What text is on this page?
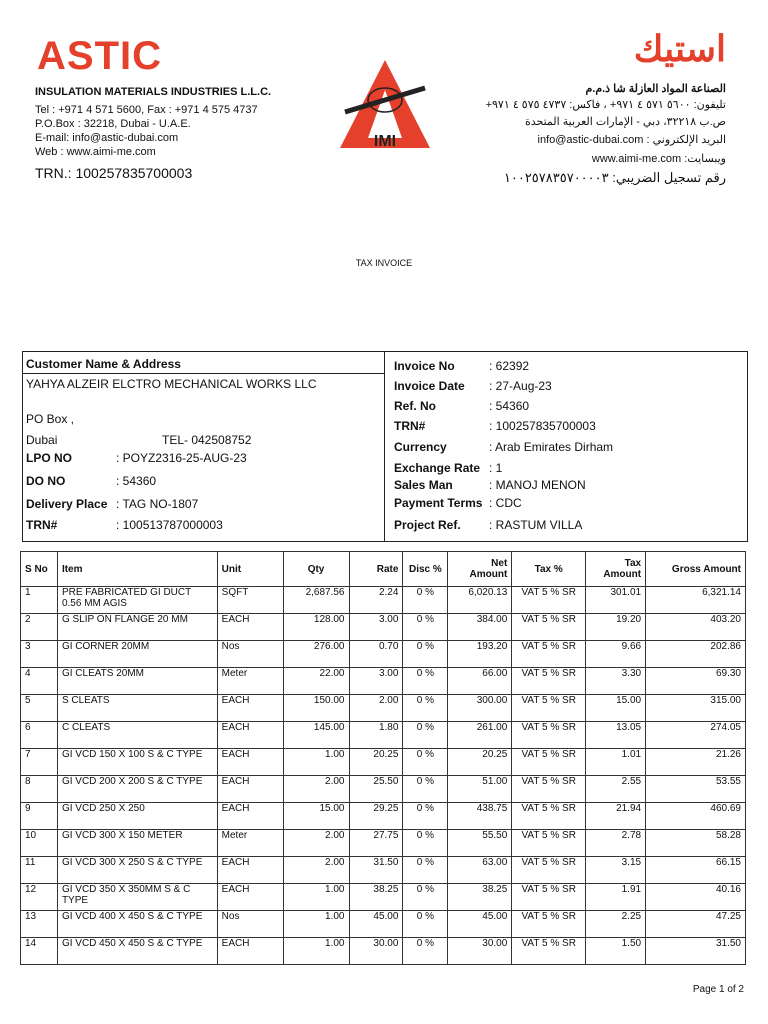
ASTIC
INSULATION MATERIALS INDUSTRIES L.L.C.
Tel : +971 4 571 5600, Fax : +971 4 575 4737
P.O.Box : 32218, Dubai - U.A.E.
E-mail: info@astic-dubai.com
Web : www.aimi-me.com
TRN.: 100257835700003
IMI
استيك
الصناعة المواد العازلة شا ذ.م.م
تليفون: ٥٦٠٠ ٥٧١ ٤ ٩٧١+ ، فاكس: ٤٧٣٧ ٥٧٥ ٤ ٩٧١+
ص.ب ٣٢٢١٨، دبي - الإمارات العربية المتحدة
البريد الإلكتروني : info@astic-dubai.com
ويبسايت: www.aimi-me.com
رقم تسجيل الضريبي: ١٠٠٢٥٧٨٣٥٧٠٠٠٠٣
TAX INVOICE
Customer Name & Address
YAHYA ALZEIR ELCTRO MECHANICAL WORKS LLC
PO Box ,
Dubai	TEL- 042508752
LPO NO	: POYZ2316-25-AUG-23
DO NO	: 54360
Delivery Place : TAG NO-1807
TRN#	: 100513787000003
Invoice No	: 62392
Invoice Date : 27-Aug-23
Ref. No	: 54360
TRN#	: 100257835700003
Currency	: Arab Emirates Dirham
Exchange Rate : 1
Sales Man	: MANOJ MENON
Payment Terms : CDC
Project Ref. : RASTUM VILLA
S No	Item	Unit	Qty	Rate	Disc %	Net Amount	Tax %	Tax Amount	Gross Amount
1	PRE FABRICATED GI DUCT 0.56 MM AGIS	SQFT	2,687.56	2.24	0 %	6,020.13	VAT 5 % SR	301.01	6,321.14
2	G SLIP ON FLANGE 20 MM	EACH	128.00	3.00	0 %	384.00	VAT 5 % SR	19.20	403.20
3	GI CORNER 20MM	Nos	276.00	0.70	0 %	193.20	VAT 5 % SR	9.66	202.86
4	GI CLEATS 20MM	Meter	22.00	3.00	0 %	66.00	VAT 5 % SR	3.30	69.30
5	S CLEATS	EACH	150.00	2.00	0 %	300.00	VAT 5 % SR	15.00	315.00
6	C CLEATS	EACH	145.00	1.80	0 %	261.00	VAT 5 % SR	13.05	274.05
7	GI VCD 150 X 100 S & C TYPE	EACH	1.00	20.25	0 %	20.25	VAT 5 % SR	1.01	21.26
8	GI VCD 200 X 200 S & C TYPE	EACH	2.00	25.50	0 %	51.00	VAT 5 % SR	2.55	53.55
9	GI VCD 250 X 250	EACH	15.00	29.25	0 %	438.75	VAT 5 % SR	21.94	460.69
10	GI VCD 300 X 150 METER	Meter	2.00	27.75	0 %	55.50	VAT 5 % SR	2.78	58.28
11	GI VCD 300 X 250 S & C TYPE	EACH	2.00	31.50	0 %	63.00	VAT 5 % SR	3.15	66.15
12	GI VCD 350 X 350MM S & C TYPE	EACH	1.00	38.25	0 %	38.25	VAT 5 % SR	1.91	40.16
13	GI VCD 400 X 450 S & C TYPE	Nos	1.00	45.00	0 %	45.00	VAT 5 % SR	2.25	47.25
14	GI VCD 450 X 450 S & C TYPE	EACH	1.00	30.00	0 %	30.00	VAT 5 % SR	1.50	31.50
Page 1 of 2
